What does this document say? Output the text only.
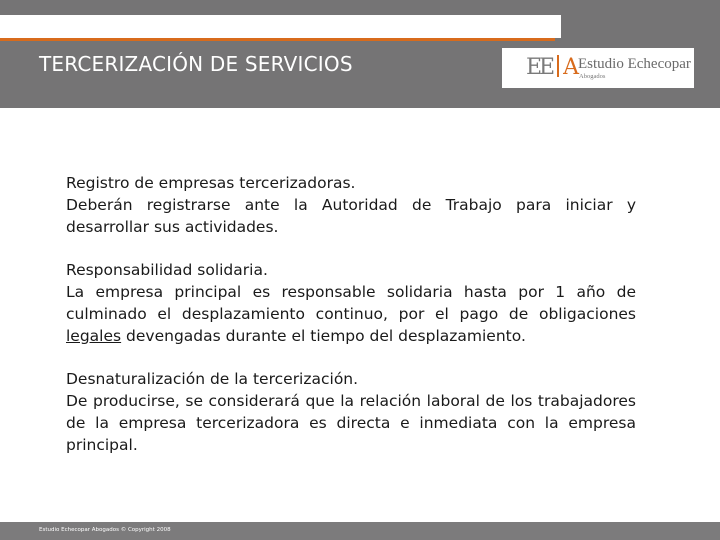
TERCERIZACIÓN DE SERVICIOS	EE A Estudio Echecopar
Abogados
Registro de empresas tercerizadoras.
Deberán registrarse ante la Autoridad de Trabajo para iniciar y desarrollar sus actividades.
Responsabilidad solidaria.
La empresa principal es responsable solidaria hasta por 1 año de culminado el desplazamiento continuo, por el pago de obligaciones legales devengadas durante el tiempo del desplazamiento.
Desnaturalización de la tercerización.
De producirse, se considerará que la relación laboral de los trabajadores de la empresa tercerizadora es directa e inmediata con la empresa principal.
Estudio Echecopar Abogados © Copyright 2008
